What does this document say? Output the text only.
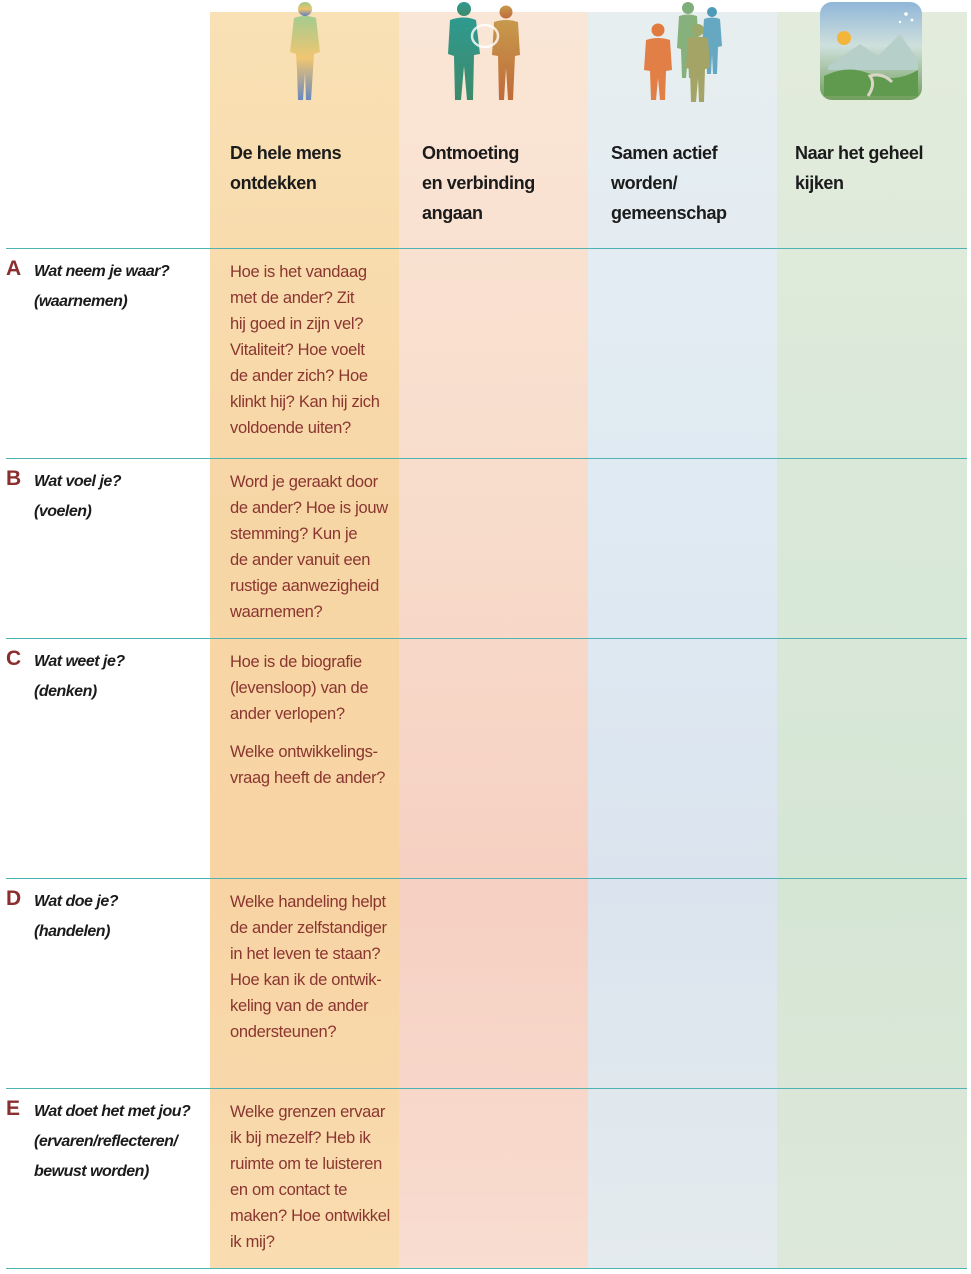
De hele mens
ontdekken
Ontmoeting
en verbinding
angaan
Samen actief
worden/
gemeenschap
Naar het geheel
kijken
A Wat neem je waar?
(waarnemen)
Hoe is het vandaag
met de ander? Zit
hij goed in zijn vel?
Vitaliteit? Hoe voelt
de ander zich? Hoe
klinkt hij? Kan hij zich
voldoende uiten?
B Wat voel je?
(voelen)
Word je geraakt door
de ander? Hoe is jouw
stemming? Kun je
de ander vanuit een
rustige aanwezigheid
waarnemen?
C Wat weet je?
(denken)
Hoe is de biografie
(levensloop) van de
ander verlopen?
Welke ontwikkelings-
vraag heeft de ander?
D Wat doe je?
(handelen)
Welke handeling helpt
de ander zelfstandiger
in het leven te staan?
Hoe kan ik de ontwik-
keling van de ander
ondersteunen?
E Wat doet het met jou?
(ervaren/reflecteren/
bewust worden)
Welke grenzen ervaar
ik bij mezelf? Heb ik
ruimte om te luisteren
en om contact te
maken? Hoe ontwikkel
ik mij?
